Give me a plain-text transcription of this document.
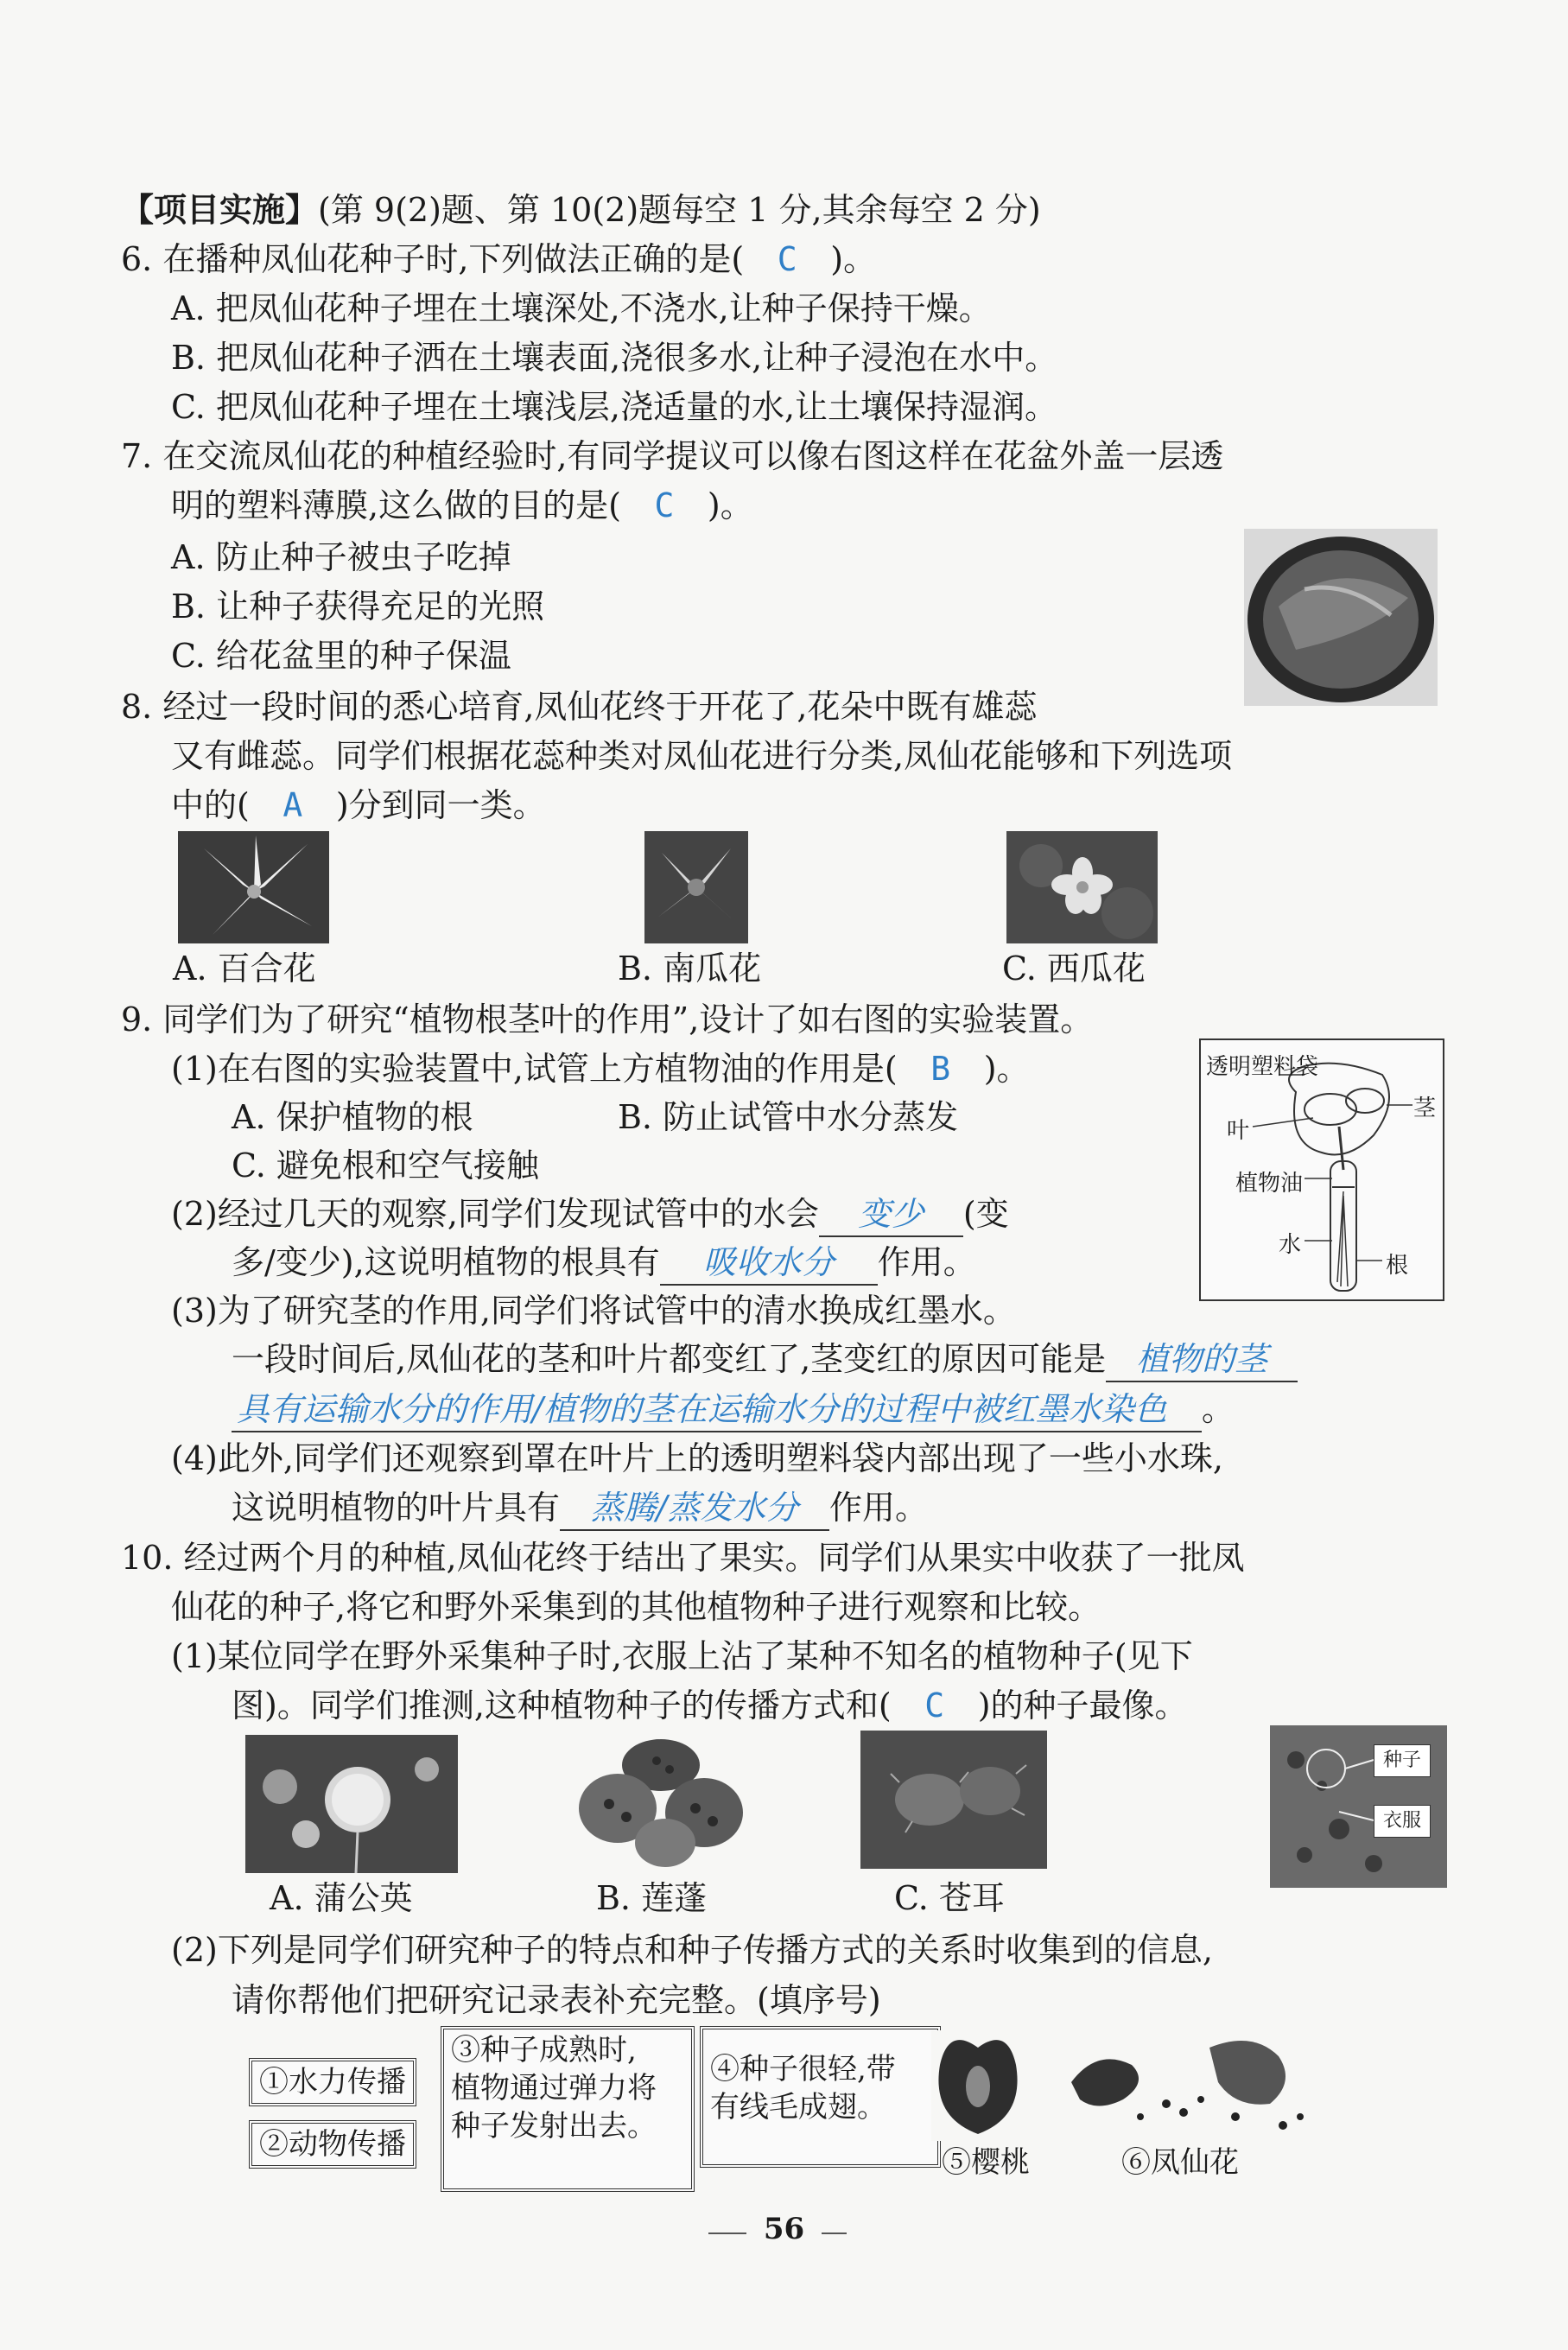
【项目实施】(第 9(2)题、第 10(2)题每空 1 分,其余每空 2 分)
6. 在播种凤仙花种子时,下列做法正确的是( C )。
A. 把凤仙花种子埋在土壤深处,不浇水,让种子保持干燥。
B. 把凤仙花种子洒在土壤表面,浇很多水,让种子浸泡在水中。
C. 把凤仙花种子埋在土壤浅层,浇适量的水,让土壤保持湿润。
7. 在交流凤仙花的种植经验时,有同学提议可以像右图这样在花盆外盖一层透
明的塑料薄膜,这么做的目的是( C )。
A. 防止种子被虫子吃掉
B. 让种子获得充足的光照
C. 给花盆里的种子保温
8. 经过一段时间的悉心培育,凤仙花终于开花了,花朵中既有雄蕊
又有雌蕊。同学们根据花蕊种类对凤仙花进行分类,凤仙花能够和下列选项
中的( A )分到同一类。
A. 百合花	B. 南瓜花	C. 西瓜花
9. 同学们为了研究“植物根茎叶的作用”,设计了如右图的实验装置。
(1)在右图的实验装置中,试管上方植物油的作用是( B )。
A. 保护植物的根	B. 防止试管中水分蒸发
C. 避免根和空气接触
(2)经过几天的观察,同学们发现试管中的水会 变少 (变
多/变少),这说明植物的根具有 吸收水分 作用。
(3)为了研究茎的作用,同学们将试管中的清水换成红墨水。
一段时间后,凤仙花的茎和叶片都变红了,茎变红的原因可能是 植物的茎
具有运输水分的作用/植物的茎在运输水分的过程中被红墨水染色 。
(4)此外,同学们还观察到罩在叶片上的透明塑料袋内部出现了一些小水珠,
这说明植物的叶片具有 蒸腾/蒸发水分 作用。
透明塑料袋
茎
叶
植物油
水
根
10. 经过两个月的种植,凤仙花终于结出了果实。同学们从果实中收获了一批凤
仙花的种子,将它和野外采集到的其他植物种子进行观察和比较。
(1)某位同学在野外采集种子时,衣服上沾了某种不知名的植物种子(见下
图)。同学们推测,这种植物种子的传播方式和( C )的种子最像。
种子
衣服
A. 蒲公英	B. 莲蓬	C. 苍耳
(2)下列是同学们研究种子的特点和种子传播方式的关系时收集到的信息,
请你帮他们把研究记录表补充完整。(填序号)
①水力传播
②动物传播
③种子成熟时,
植物通过弹力将
种子发射出去。
④种子很轻,带
有线毛成翅。
⑤樱桃	⑥凤仙花
56
